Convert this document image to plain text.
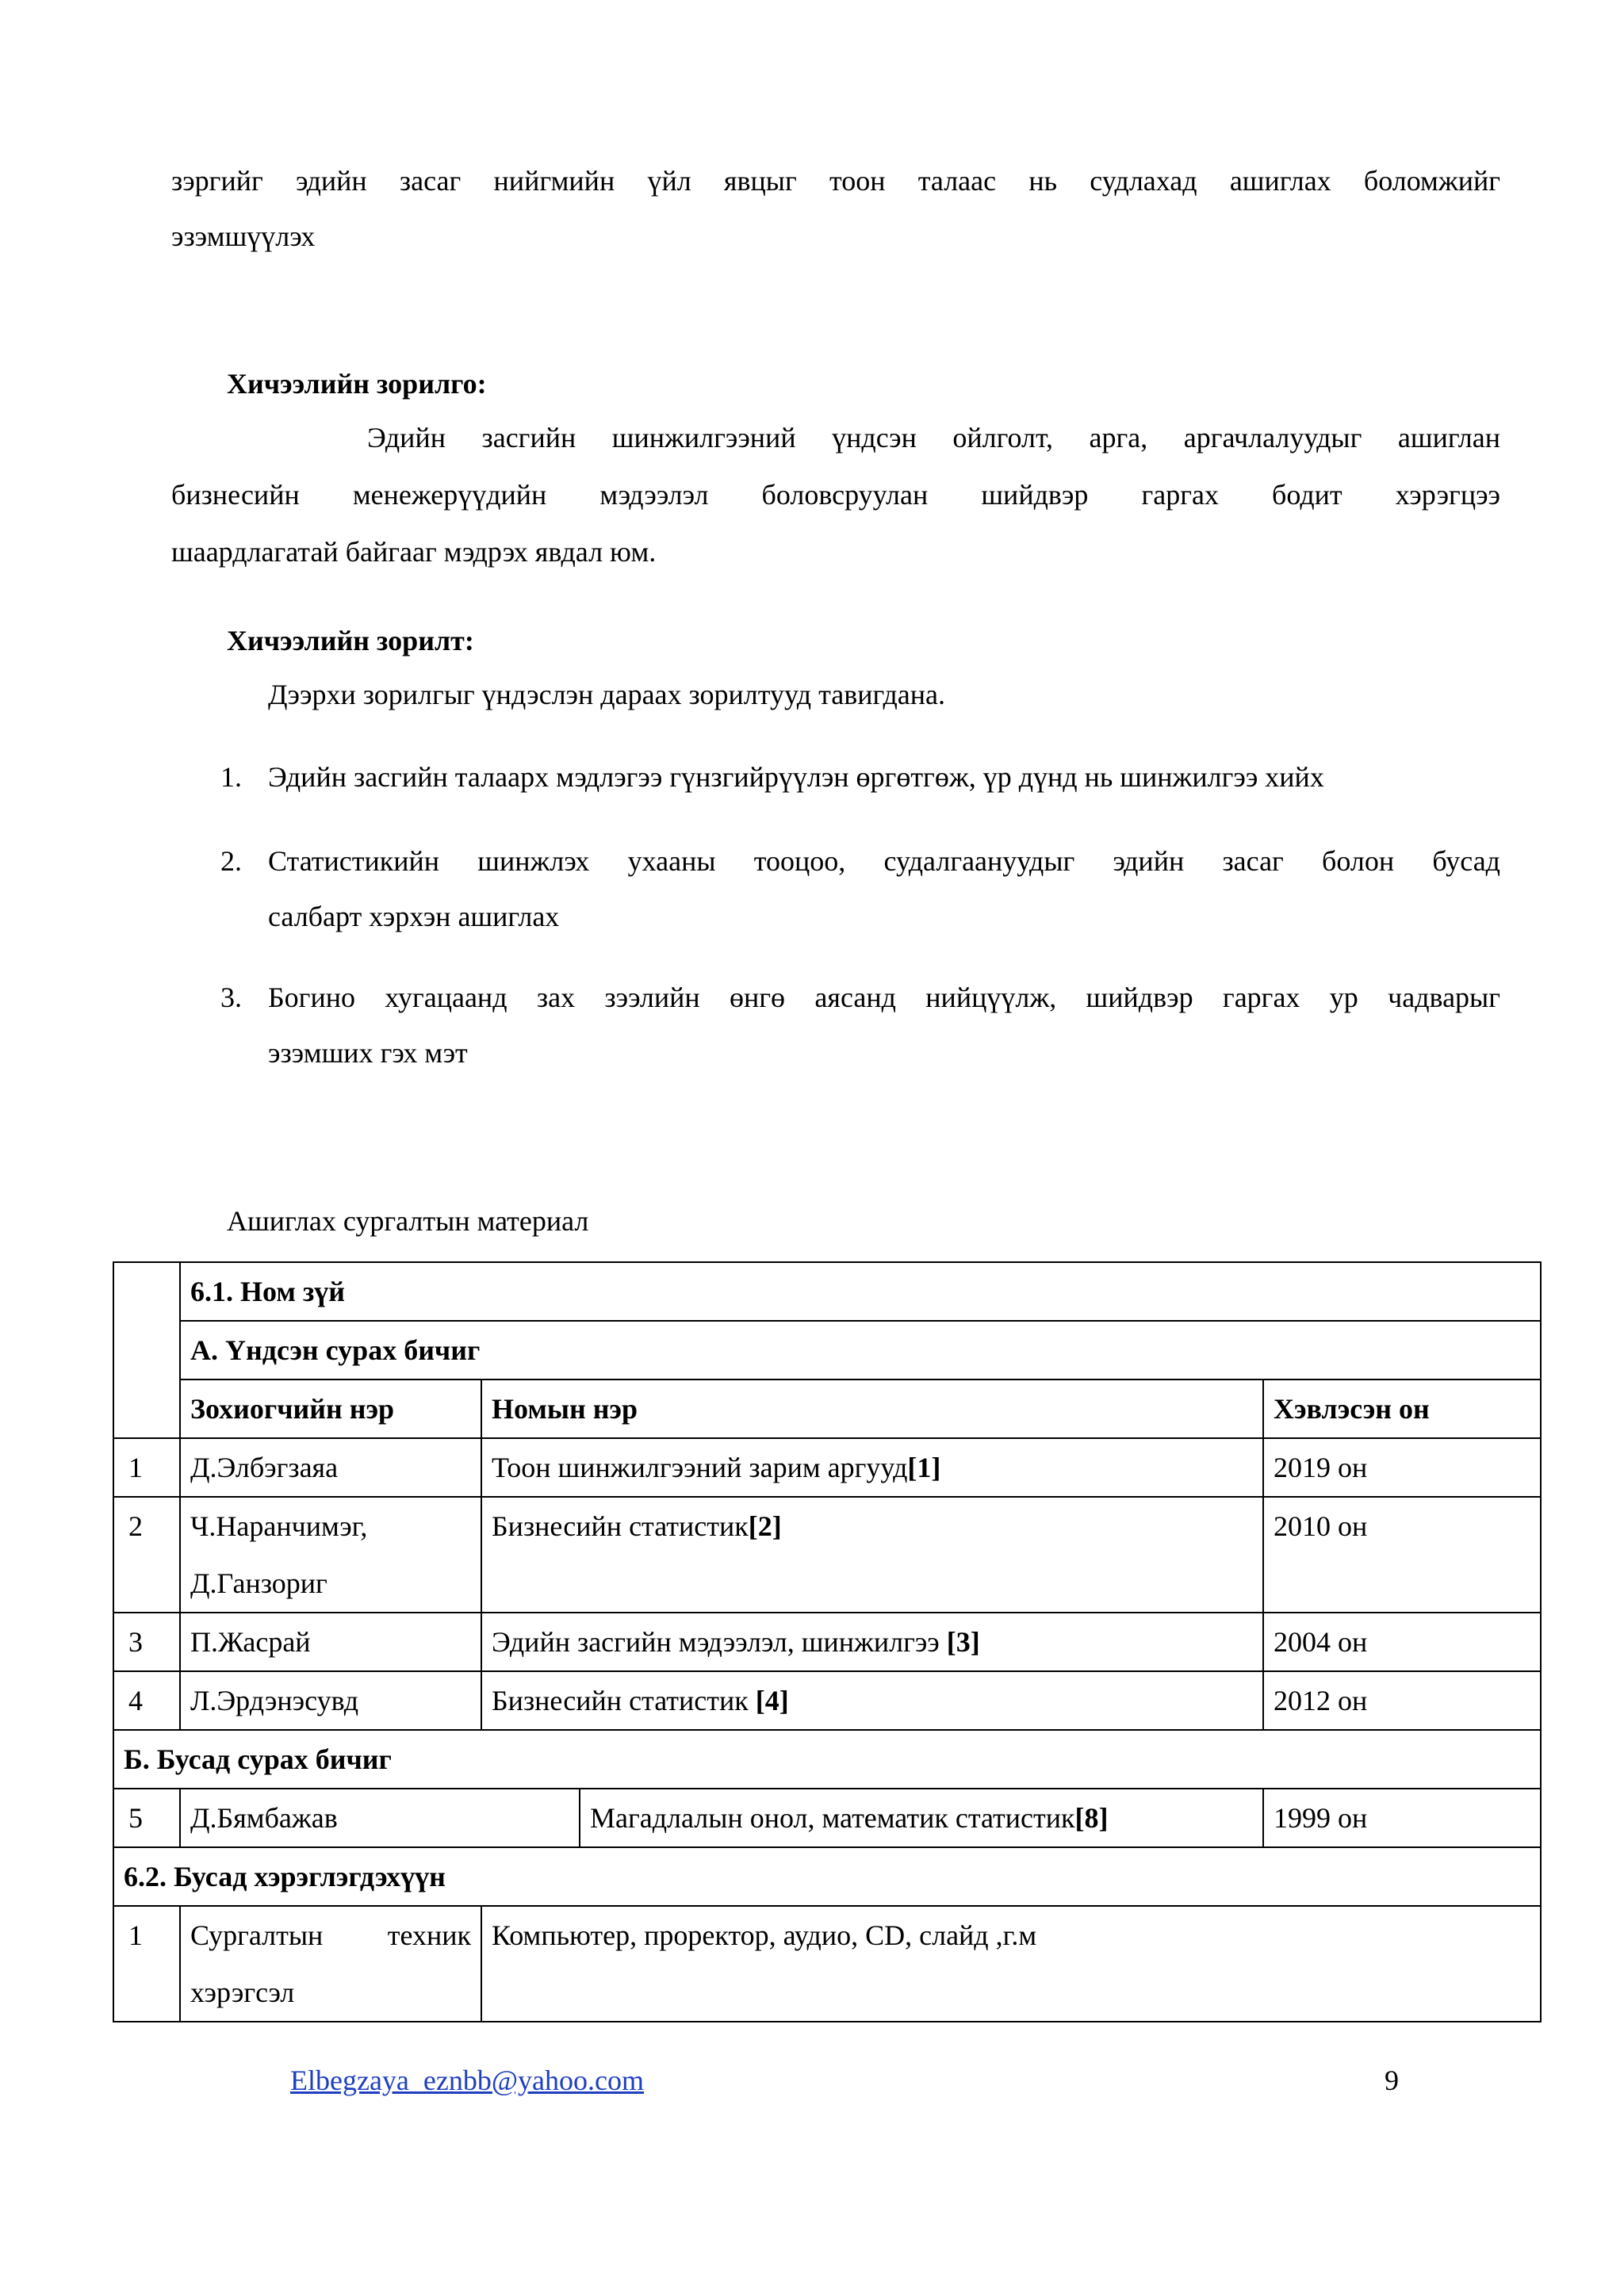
зэргийг эдийн засаг нийгмийн үйл явцыг тоон талаас нь судлахад ашиглах боломжийг
эзэмшүүлэх
Хичээлийн зорилго:
Эдийн засгийн шинжилгээний үндсэн ойлголт, арга, аргачлалуудыг ашиглан
бизнесийн менежерүүдийн мэдээлэл боловсруулан шийдвэр гаргах бодит хэрэгцээ
шаардлагатай байгааг мэдрэх явдал юм.
Хичээлийн зорилт:
Дээрхи зорилгыг үндэслэн дараах зорилтууд тавигдана.
1. Эдийн засгийн талаарх мэдлэгээ гүнзгийрүүлэн өргөтгөж, үр дүнд нь шинжилгээ хийх
2. Статистикийн шинжлэх ухааны тооцоо, судалгаануудыг эдийн засаг болон бусад
салбарт хэрхэн ашиглах
3. Богино хугацаанд зах зээлийн өнгө аясанд нийцүүлж, шийдвэр гаргах ур чадварыг
эзэмших гэх мэт
Ашиглах сургалтын материал
	6.1. Ном зүй			
	А. Үндсэн сурах бичиг			
	Зохиогчийн нэр	Номын нэр		Хэвлэсэн он
1	Д.Элбэгзаяа	Тоон шинжилгээний зарим аргууд[1]		2019 он
2	Ч.Наранчимэг,
Д.Ганзориг	Бизнесийн статистик[2]		2010 он
3	П.Жасрай	Эдийн засгийн мэдээлэл, шинжилгээ [3]		2004 он
4	Л.Эрдэнэсувд	Бизнесийн статистик [4]		2012 он
Б. Бусад сурах бичиг				
5	Д.Бямбажав		Магадлалын онол, математик статистик[8]	1999 он
6.2. Бусад хэрэглэгдэхүүн				
1	Сургалтын техник
хэрэгсэл	Компьютер, проректор, аудио, CD, слайд ,г.м		
Elbegzaya_eznbb@yahoo.com	9
